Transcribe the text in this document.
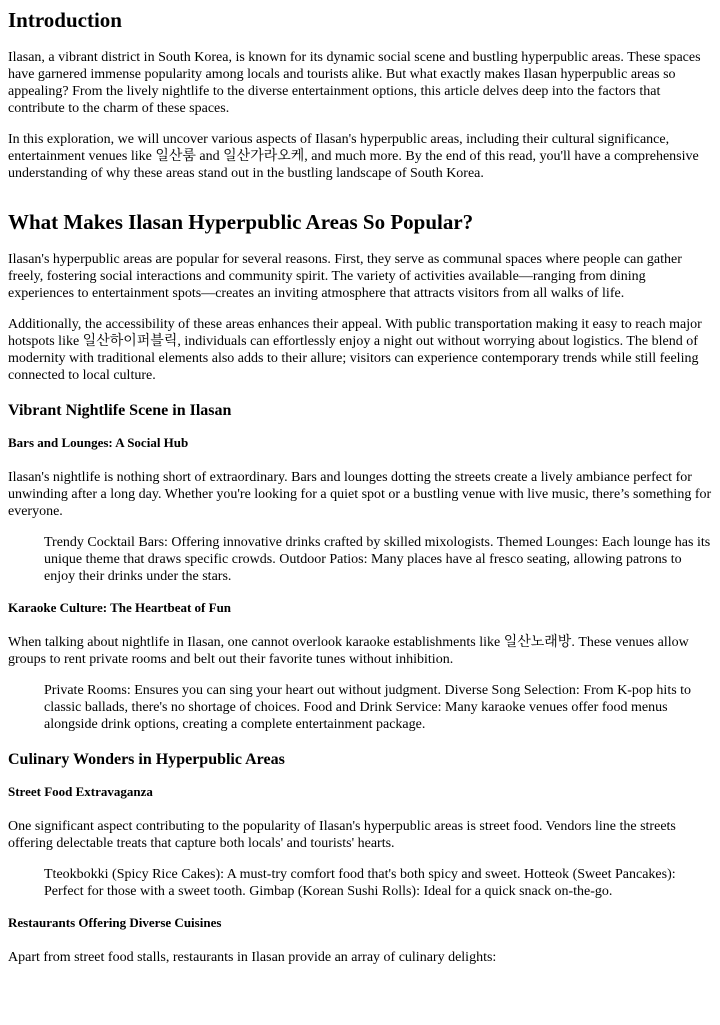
Introduction

Ilasan, a vibrant district in South Korea, is known for its dynamic social scene and bustling hyperpublic areas. These spaces have garnered immense popularity among locals and tourists alike. But what exactly makes Ilasan hyperpublic areas so appealing? From the lively nightlife to the diverse entertainment options, this article delves deep into the factors that contribute to the charm of these spaces.

In this exploration, we will uncover various aspects of Ilasan's hyperpublic areas, including their cultural significance, entertainment venues like 일산룸 and 일산가라오케, and much more. By the end of this read, you'll have a comprehensive understanding of why these areas stand out in the bustling landscape of South Korea.

What Makes Ilasan Hyperpublic Areas So Popular?

Ilasan's hyperpublic areas are popular for several reasons. First, they serve as communal spaces where people can gather freely, fostering social interactions and community spirit. The variety of activities available—ranging from dining experiences to entertainment spots—creates an inviting atmosphere that attracts visitors from all walks of life.

Additionally, the accessibility of these areas enhances their appeal. With public transportation making it easy to reach major hotspots like 일산하이퍼블릭, individuals can effortlessly enjoy a night out without worrying about logistics. The blend of modernity with traditional elements also adds to their allure; visitors can experience contemporary trends while still feeling connected to local culture.

Vibrant Nightlife Scene in Ilasan
Bars and Lounges: A Social Hub

Ilasan's nightlife is nothing short of extraordinary. Bars and lounges dotting the streets create a lively ambiance perfect for unwinding after a long day. Whether you're looking for a quiet spot or a bustling venue with live music, there’s something for everyone.

Trendy Cocktail Bars: Offering innovative drinks crafted by skilled mixologists. Themed Lounges: Each lounge has its unique theme that draws specific crowds. Outdoor Patios: Many places have al fresco seating, allowing patrons to enjoy their drinks under the stars.
Karaoke Culture: The Heartbeat of Fun

When talking about nightlife in Ilasan, one cannot overlook karaoke establishments like 일산노래방. These venues allow groups to rent private rooms and belt out their favorite tunes without inhibition.

Private Rooms: Ensures you can sing your heart out without judgment. Diverse Song Selection: From K-pop hits to classic ballads, there's no shortage of choices. Food and Drink Service: Many karaoke venues offer food menus alongside drink options, creating a complete entertainment package.
Culinary Wonders in Hyperpublic Areas
Street Food Extravaganza

One significant aspect contributing to the popularity of Ilasan's hyperpublic areas is street food. Vendors line the streets offering delectable treats that capture both locals' and tourists' hearts.

Tteokbokki (Spicy Rice Cakes): A must-try comfort food that's both spicy and sweet. Hotteok (Sweet Pancakes): Perfect for those with a sweet tooth. Gimbap (Korean Sushi Rolls): Ideal for a quick snack on-the-go.
Restaurants Offering Diverse Cuisines

Apart from street food stalls, restaurants in Ilasan provide an array of culinary delights:
